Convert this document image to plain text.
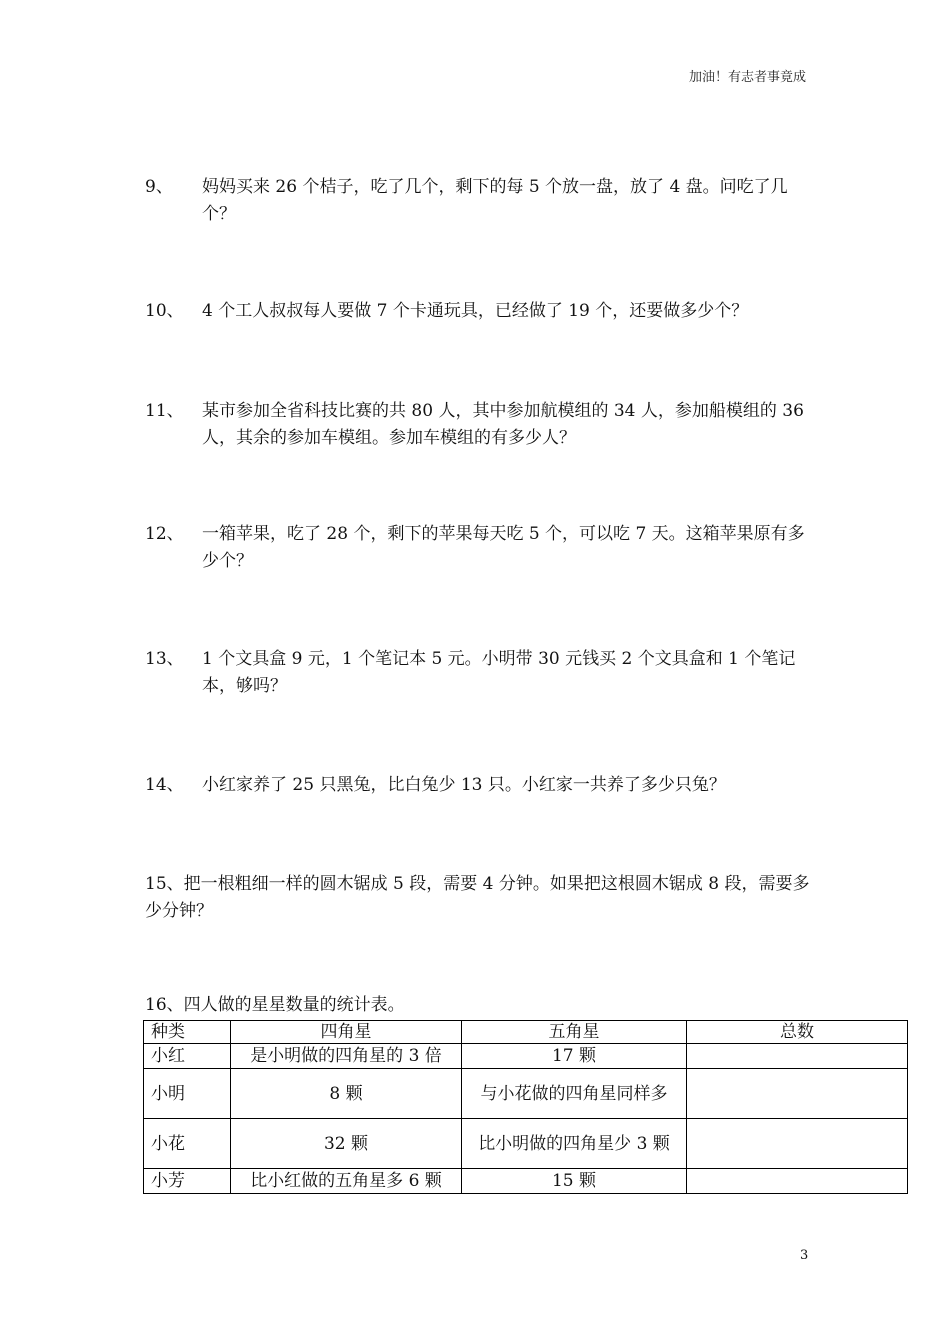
加油！有志者事竟成
9、 妈妈买来 26 个桔子，吃了几个，剩下的每 5 个放一盘，放了 4 盘。问吃了几个？
10、 4 个工人叔叔每人要做 7 个卡通玩具，已经做了 19 个，还要做多少个？
11、 某市参加全省科技比赛的共 80 人，其中参加航模组的 34 人，参加船模组的 36 人，其余的参加车模组。参加车模组的有多少人？
12、 一箱苹果，吃了 28 个，剩下的苹果每天吃 5 个，可以吃 7 天。这箱苹果原有多少个？
13、 1 个文具盒 9 元，1 个笔记本 5 元。小明带 30 元钱买 2 个文具盒和 1 个笔记本，够吗？
14、 小红家养了 25 只黑兔，比白兔少 13 只。小红家一共养了多少只兔？
15、把一根粗细一样的圆木锯成 5 段，需要 4 分钟。如果把这根圆木锯成 8 段，需要多少分钟？
16、四人做的星星数量的统计表。
种类	四角星	五角星	总数
小红	是小明做的四角星的 3 倍	17 颗	
小明	8 颗	与小花做的四角星同样多	
小花	32 颗	比小明做的四角星少 3 颗	
小芳	比小红做的五角星多 6 颗	15 颗	
3
